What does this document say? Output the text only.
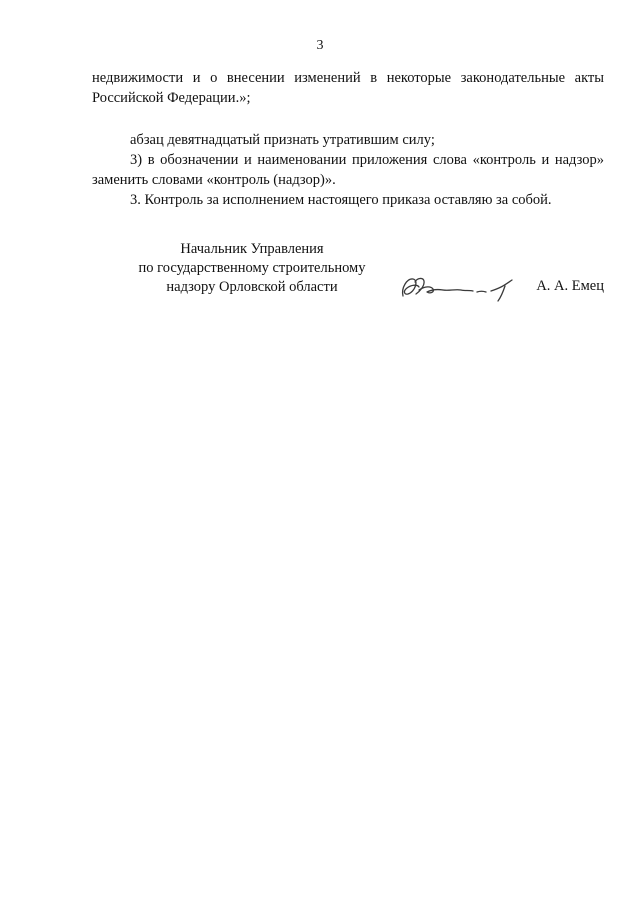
3

недвижимости и о внесении изменений в некоторые законодательные акты Российской Федерации.»;

абзац девятнадцатый признать утратившим силу;

3) в обозначении и наименовании приложения слова «контроль и надзор» заменить словами «контроль (надзор)».

3. Контроль за исполнением настоящего приказа оставляю за собой.

Начальник Управления
по государственному строительному
надзору Орловской области	А. А. Емец
